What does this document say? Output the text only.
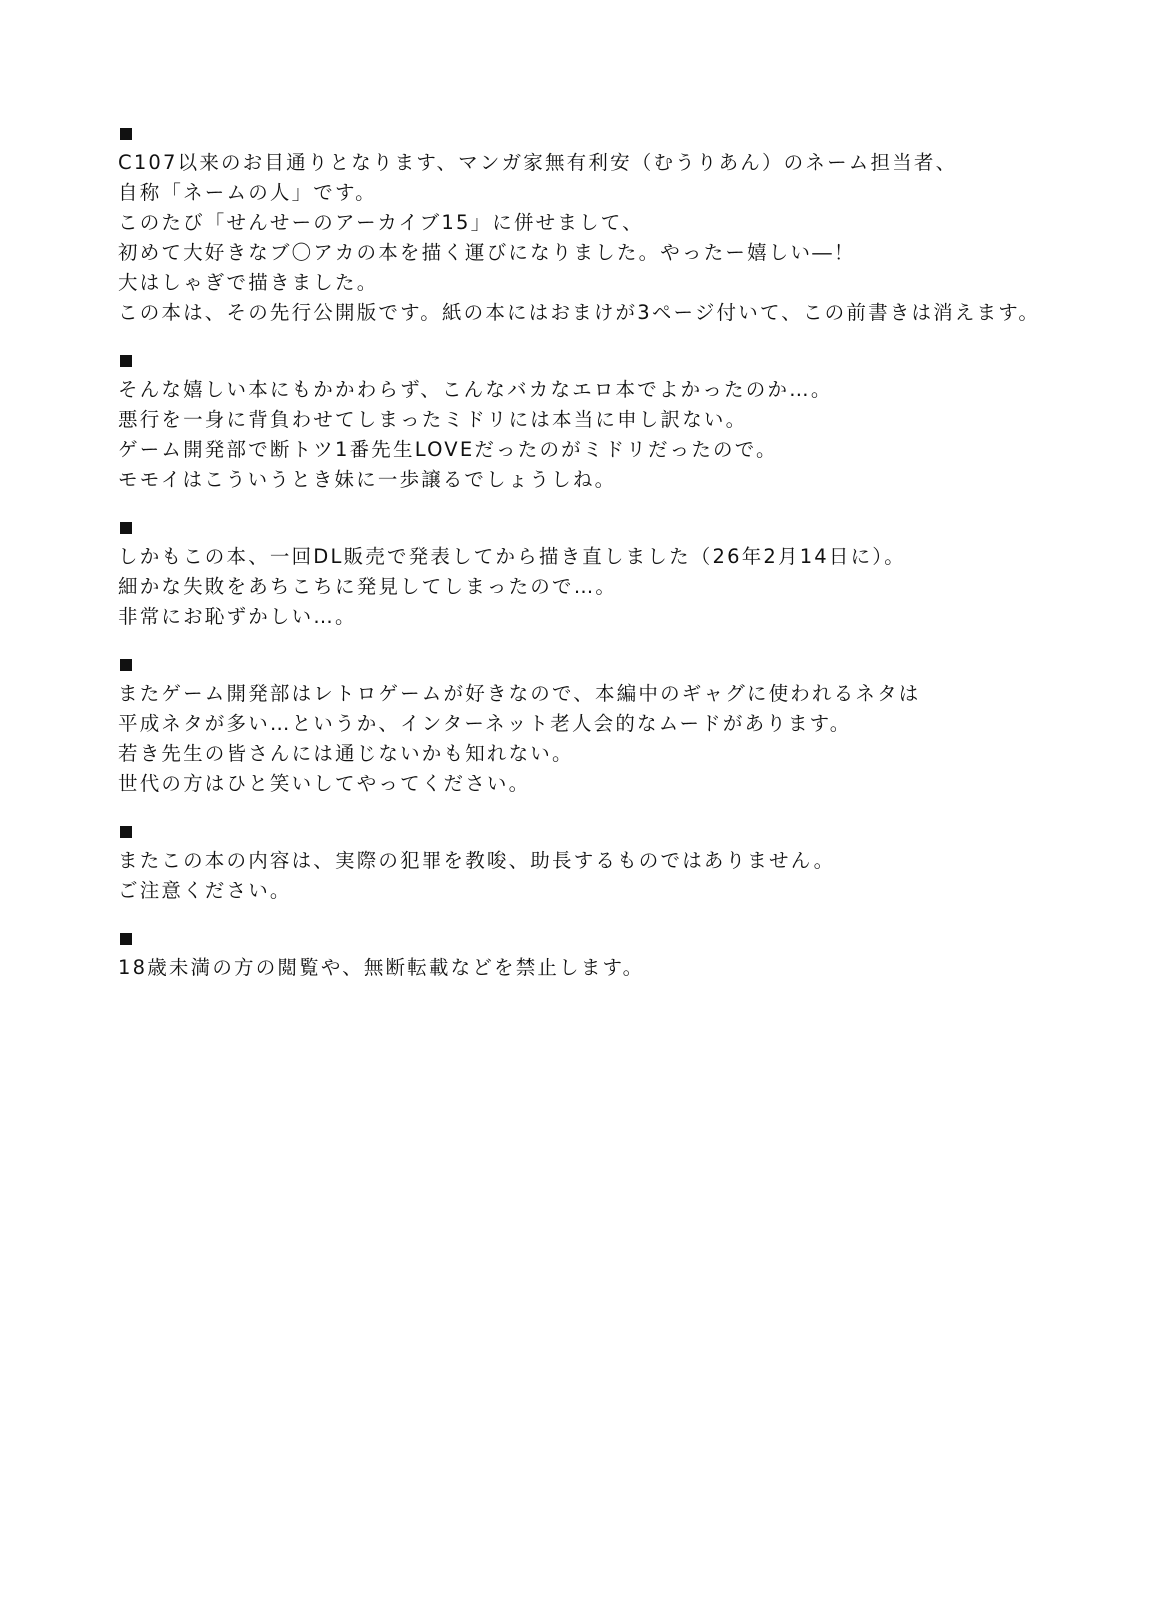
C107以来のお目通りとなります、マンガ家無有利安（むうりあん）のネーム担当者、
自称「ネームの人」です。
このたび「せんせーのアーカイブ15」に併せまして、
初めて大好きなブ〇アカの本を描く運びになりました。やったー嬉しい―！
大はしゃぎで描きました。
この本は、その先行公開版です。紙の本にはおまけが3ページ付いて、この前書きは消えます。
そんな嬉しい本にもかかわらず、こんなバカなエロ本でよかったのか…。
悪行を一身に背負わせてしまったミドリには本当に申し訳ない。
ゲーム開発部で断トツ1番先生LOVEだったのがミドリだったので。
モモイはこういうとき妹に一歩譲るでしょうしね。
しかもこの本、一回DL販売で発表してから描き直しました（26年2月14日に）。
細かな失敗をあちこちに発見してしまったので…。
非常にお恥ずかしい…。
またゲーム開発部はレトロゲームが好きなので、本編中のギャグに使われるネタは
平成ネタが多い…というか、インターネット老人会的なムードがあります。
若き先生の皆さんには通じないかも知れない。
世代の方はひと笑いしてやってください。
またこの本の内容は、実際の犯罪を教唆、助長するものではありません。
ご注意ください。
18歳未満の方の閲覧や、無断転載などを禁止します。
